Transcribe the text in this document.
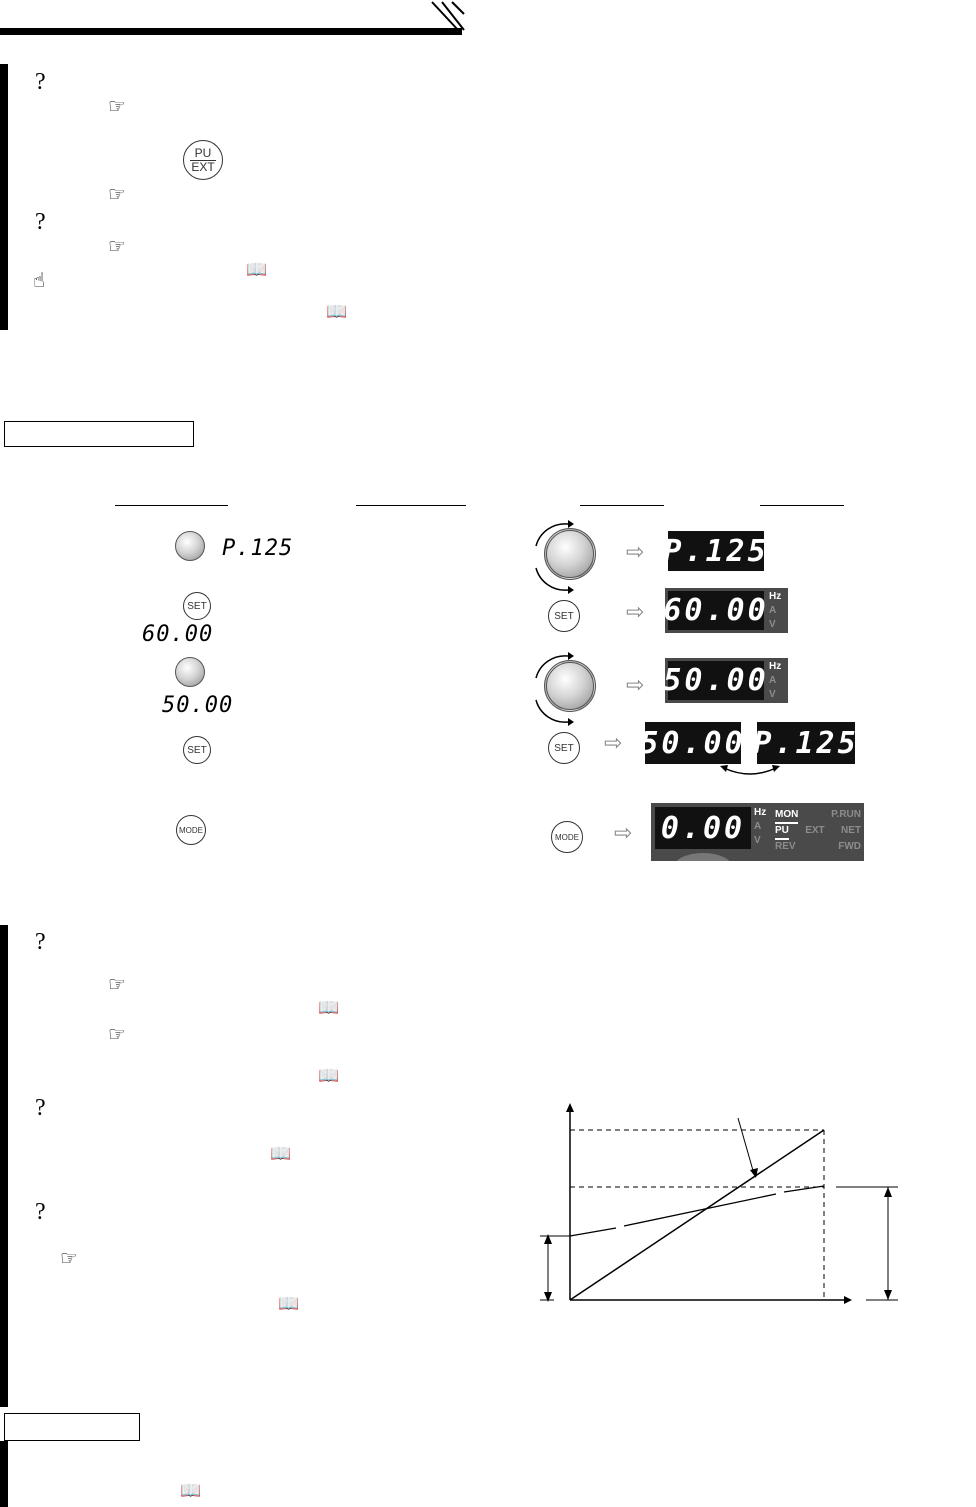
?
☞
PU
EXT
☞
?
☞
📖
☝
📖
P.125
SET
60.00
50.00
SET
MODE
⇨ P.125
SET ⇨ 60.00 Hz
A
V
⇨ 50.00 Hz
A
V
SET ⇨ 50.00 P.125
MODE ⇨ 0.00 Hz
A
V
MON	P.RUN
PU EXT NET
REV	FWD
?
☞
📖
☞
📖
?
📖
?
☞
📖
📖
